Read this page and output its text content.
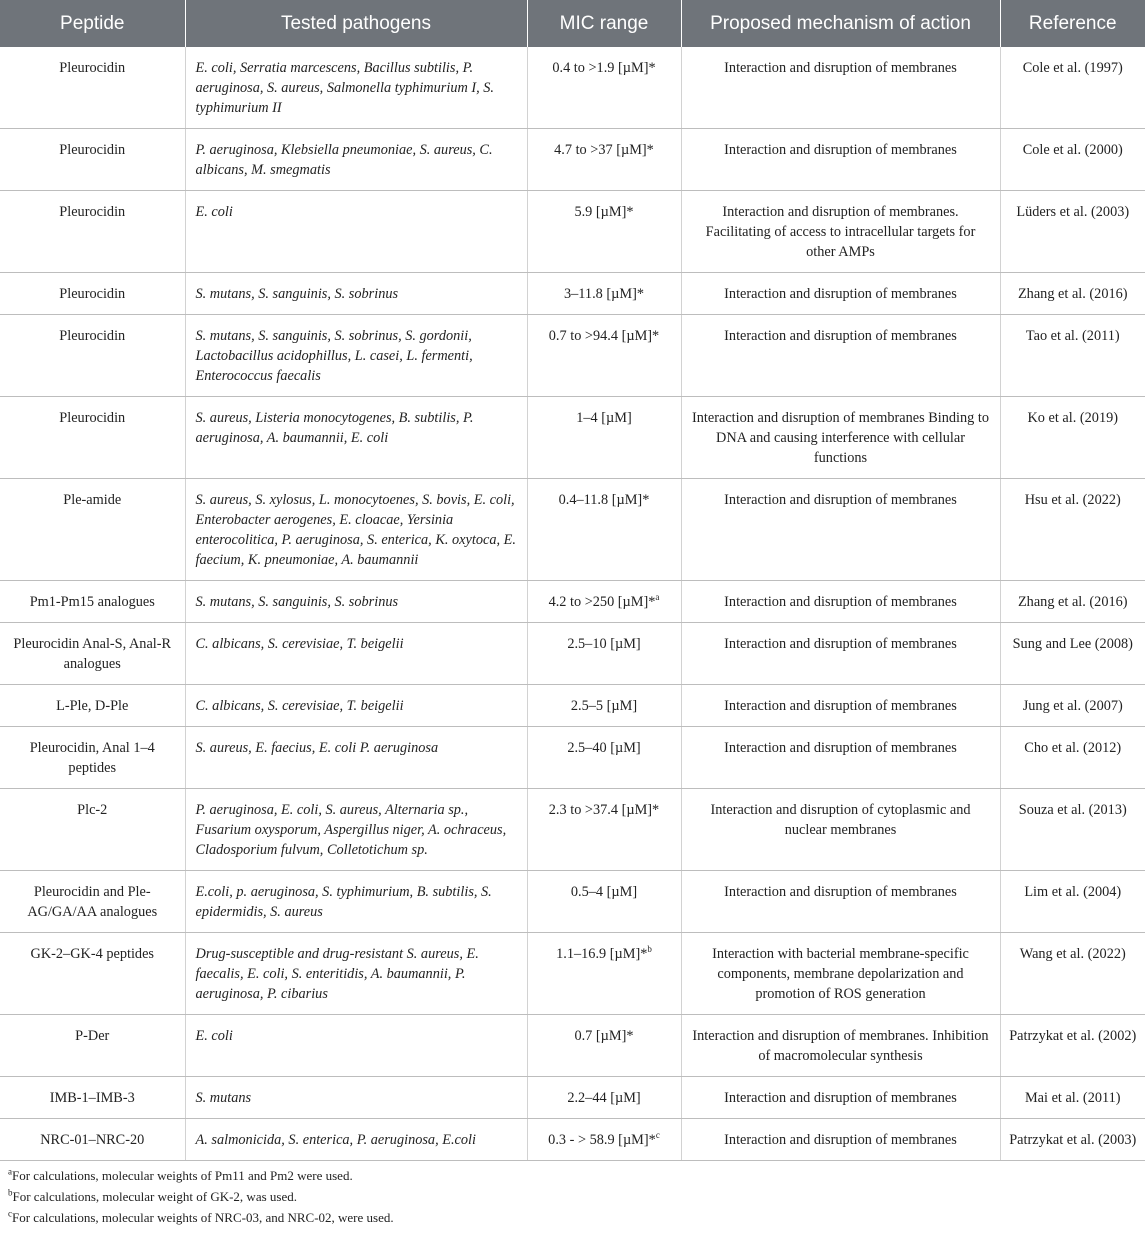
Peptide	Tested pathogens	MIC range	Proposed mechanism of action	Reference
Pleurocidin	E. coli, Serratia marcescens, Bacillus subtilis, P. aeruginosa, S. aureus, Salmonella typhimurium I, S. typhimurium II	0.4 to >1.9 [µM]*	Interaction and disruption of membranes	Cole et al. (1997)
Pleurocidin	P. aeruginosa, Klebsiella pneumoniae, S. aureus, C. albicans, M. smegmatis	4.7 to >37 [µM]*	Interaction and disruption of membranes	Cole et al. (2000)
Pleurocidin	E. coli	5.9 [µM]*	Interaction and disruption of membranes. Facilitating of access to intracellular targets for other AMPs	Lüders et al. (2003)
Pleurocidin	S. mutans, S. sanguinis, S. sobrinus	3–11.8 [µM]*	Interaction and disruption of membranes	Zhang et al. (2016)
Pleurocidin	S. mutans, S. sanguinis, S. sobrinus, S. gordonii, Lactobacillus acidophillus, L. casei, L. fermenti, Enterococcus faecalis	0.7 to >94.4 [µM]*	Interaction and disruption of membranes	Tao et al. (2011)
Pleurocidin	S. aureus, Listeria monocytogenes, B. subtilis, P. aeruginosa, A. baumannii, E. coli	1–4 [µM]	Interaction and disruption of membranes Binding to DNA and causing interference with cellular functions	Ko et al. (2019)
Ple-amide	S. aureus, S. xylosus, L. monocytoenes, S. bovis, E. coli, Enterobacter aerogenes, E. cloacae, Yersinia enterocolitica, P. aeruginosa, S. enterica, K. oxytoca, E. faecium, K. pneumoniae, A. baumannii	0.4–11.8 [µM]*	Interaction and disruption of membranes	Hsu et al. (2022)
Pm1-Pm15 analogues	S. mutans, S. sanguinis, S. sobrinus	4.2 to >250 [µM]*$^a$	Interaction and disruption of membranes	Zhang et al. (2016)
Pleurocidin Anal-S, Anal-R analogues	C. albicans, S. cerevisiae, T. beigelii	2.5–10 [µM]	Interaction and disruption of membranes	Sung and Lee (2008)
L-Ple, D-Ple	C. albicans, S. cerevisiae, T. beigelii	2.5–5 [µM]	Interaction and disruption of membranes	Jung et al. (2007)
Pleurocidin, Anal 1–4 peptides	S. aureus, E. faecius, E. coli P. aeruginosa	2.5–40 [µM]	Interaction and disruption of membranes	Cho et al. (2012)
Plc-2	P. aeruginosa, E. coli, S. aureus, Alternaria sp., Fusarium oxysporum, Aspergillus niger, A. ochraceus, Cladosporium fulvum, Colletotichum sp.	2.3 to >37.4 [µM]*	Interaction and disruption of cytoplasmic and nuclear membranes	Souza et al. (2013)
Pleurocidin and Ple-AG/GA/AA analogues	E.coli, p. aeruginosa, S. typhimurium, B. subtilis, S. epidermidis, S. aureus	0.5–4 [µM]	Interaction and disruption of membranes	Lim et al. (2004)
GK-2–GK-4 peptides	Drug-susceptible and drug-resistant S. aureus, E. faecalis, E. coli, S. enteritidis, A. baumannii, P. aeruginosa, P. cibarius	1.1–16.9 [µM]*$^b$	Interaction with bacterial membrane-specific components, membrane depolarization and promotion of ROS generation	Wang et al. (2022)
P-Der	E. coli	0.7 [µM]*	Interaction and disruption of membranes. Inhibition of macromolecular synthesis	Patrzykat et al. (2002)
IMB-1–IMB-3	S. mutans	2.2–44 [µM]	Interaction and disruption of membranes	Mai et al. (2011)
NRC-01–NRC-20	A. salmonicida, S. enterica, P. aeruginosa, E.coli	0.3 - > 58.9 [µM]*$^c$	Interaction and disruption of membranes	Patrzykat et al. (2003)
$^a$For calculations, molecular weights of Pm11 and Pm2 were used.
$^b$For calculations, molecular weight of GK-2, was used.
$^c$For calculations, molecular weights of NRC-03, and NRC-02, were used.
